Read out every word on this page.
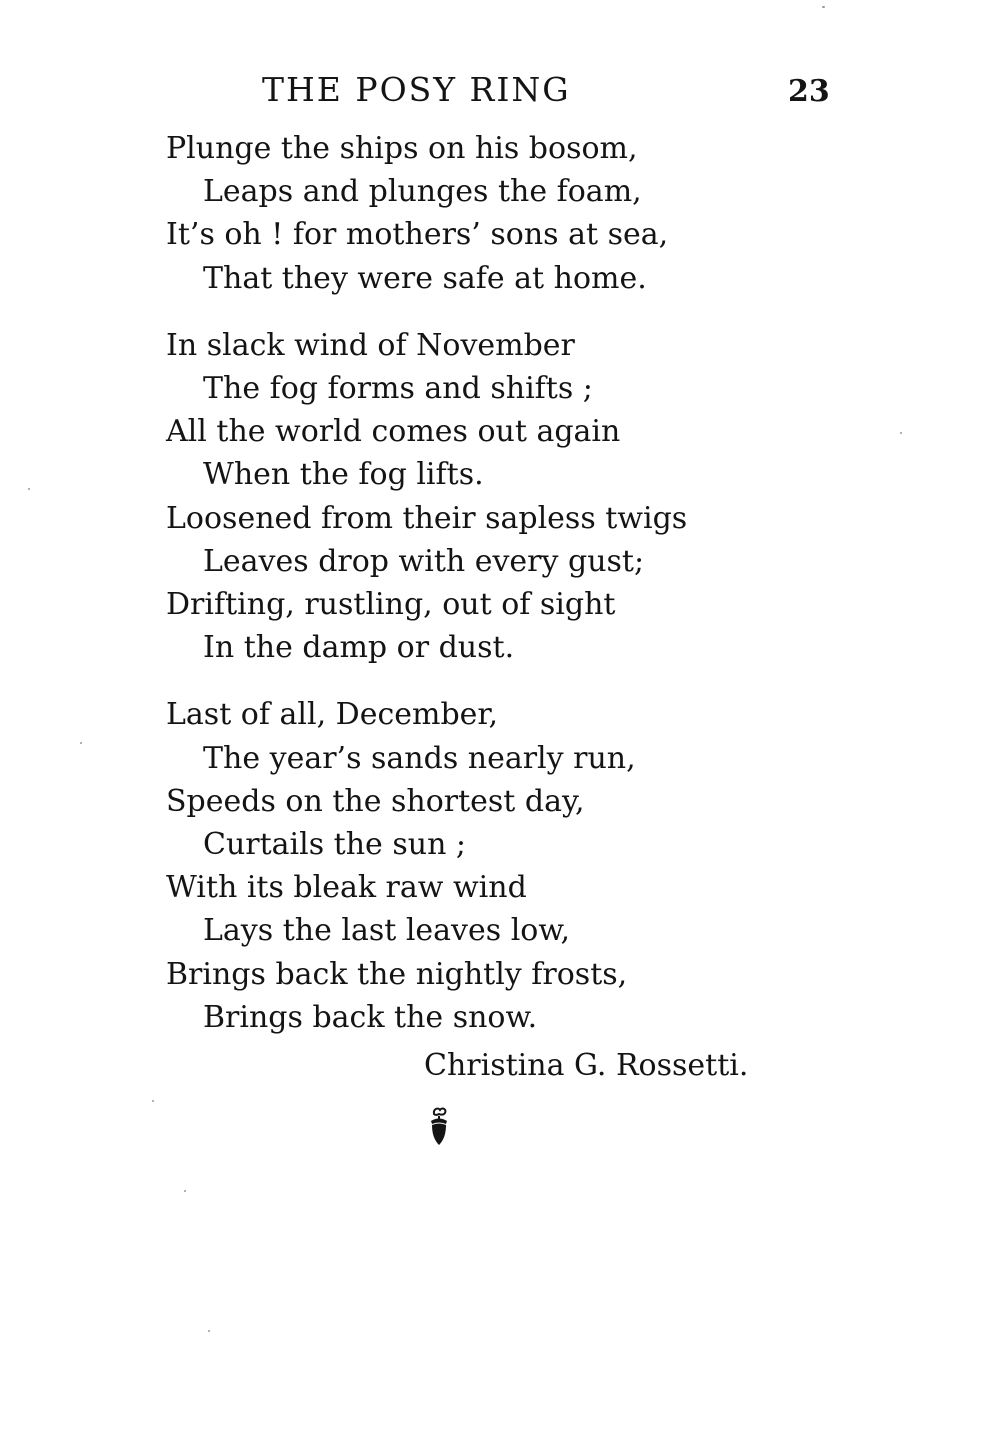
THE POSY RING	23
Plunge the ships on his bosom,
Leaps and plunges the foam,
It’s oh ! for mothers’ sons at sea,
That they were safe at home.
In slack wind of November
The fog forms and shifts ;
All the world comes out again
When the fog lifts.
Loosened from their sapless twigs
Leaves drop with every gust;
Drifting, rustling, out of sight
In the damp or dust.
Last of all, December,
The year’s sands nearly run,
Speeds on the shortest day,
Curtails the sun ;
With its bleak raw wind
Lays the last leaves low,
Brings back the nightly frosts,
Brings back the snow.
Christina G. Rossetti.
